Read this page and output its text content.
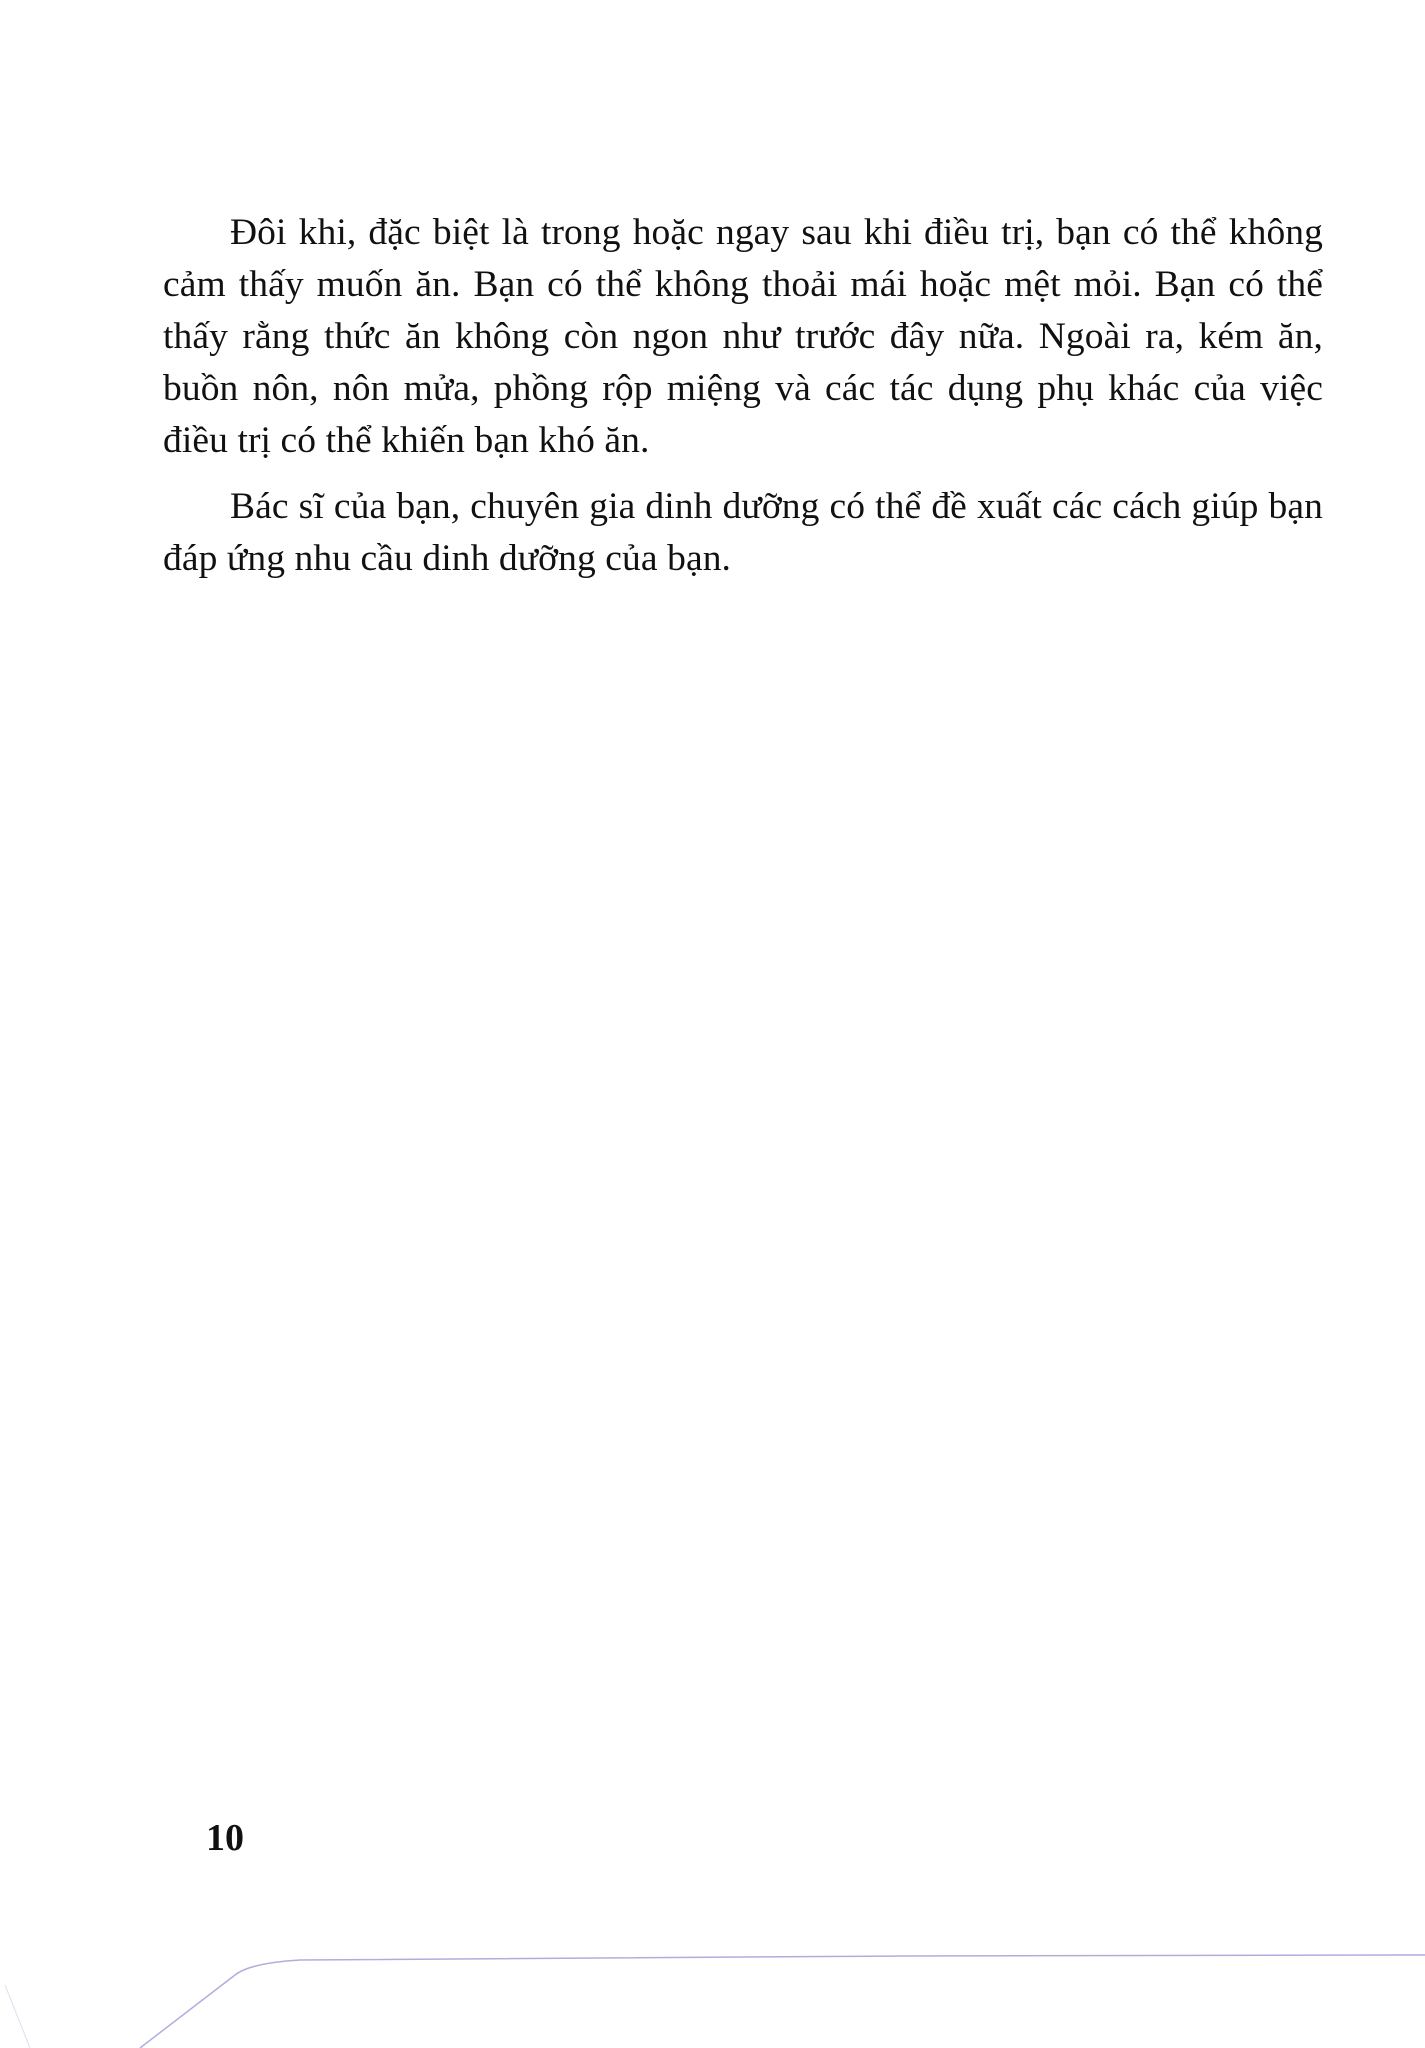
Đôi khi, đặc biệt là trong hoặc ngay sau khi điều trị, bạn có thể không cảm thấy muốn ăn. Bạn có thể không thoải mái hoặc mệt mỏi. Bạn có thể thấy rằng thức ăn không còn ngon như trước đây nữa. Ngoài ra, kém ăn, buồn nôn, nôn mửa, phồng rộp miệng và các tác dụng phụ khác của việc điều trị có thể khiến bạn khó ăn.

Bác sĩ của bạn, chuyên gia dinh dưỡng có thể đề xuất các cách giúp bạn đáp ứng nhu cầu dinh dưỡng của bạn.

10
